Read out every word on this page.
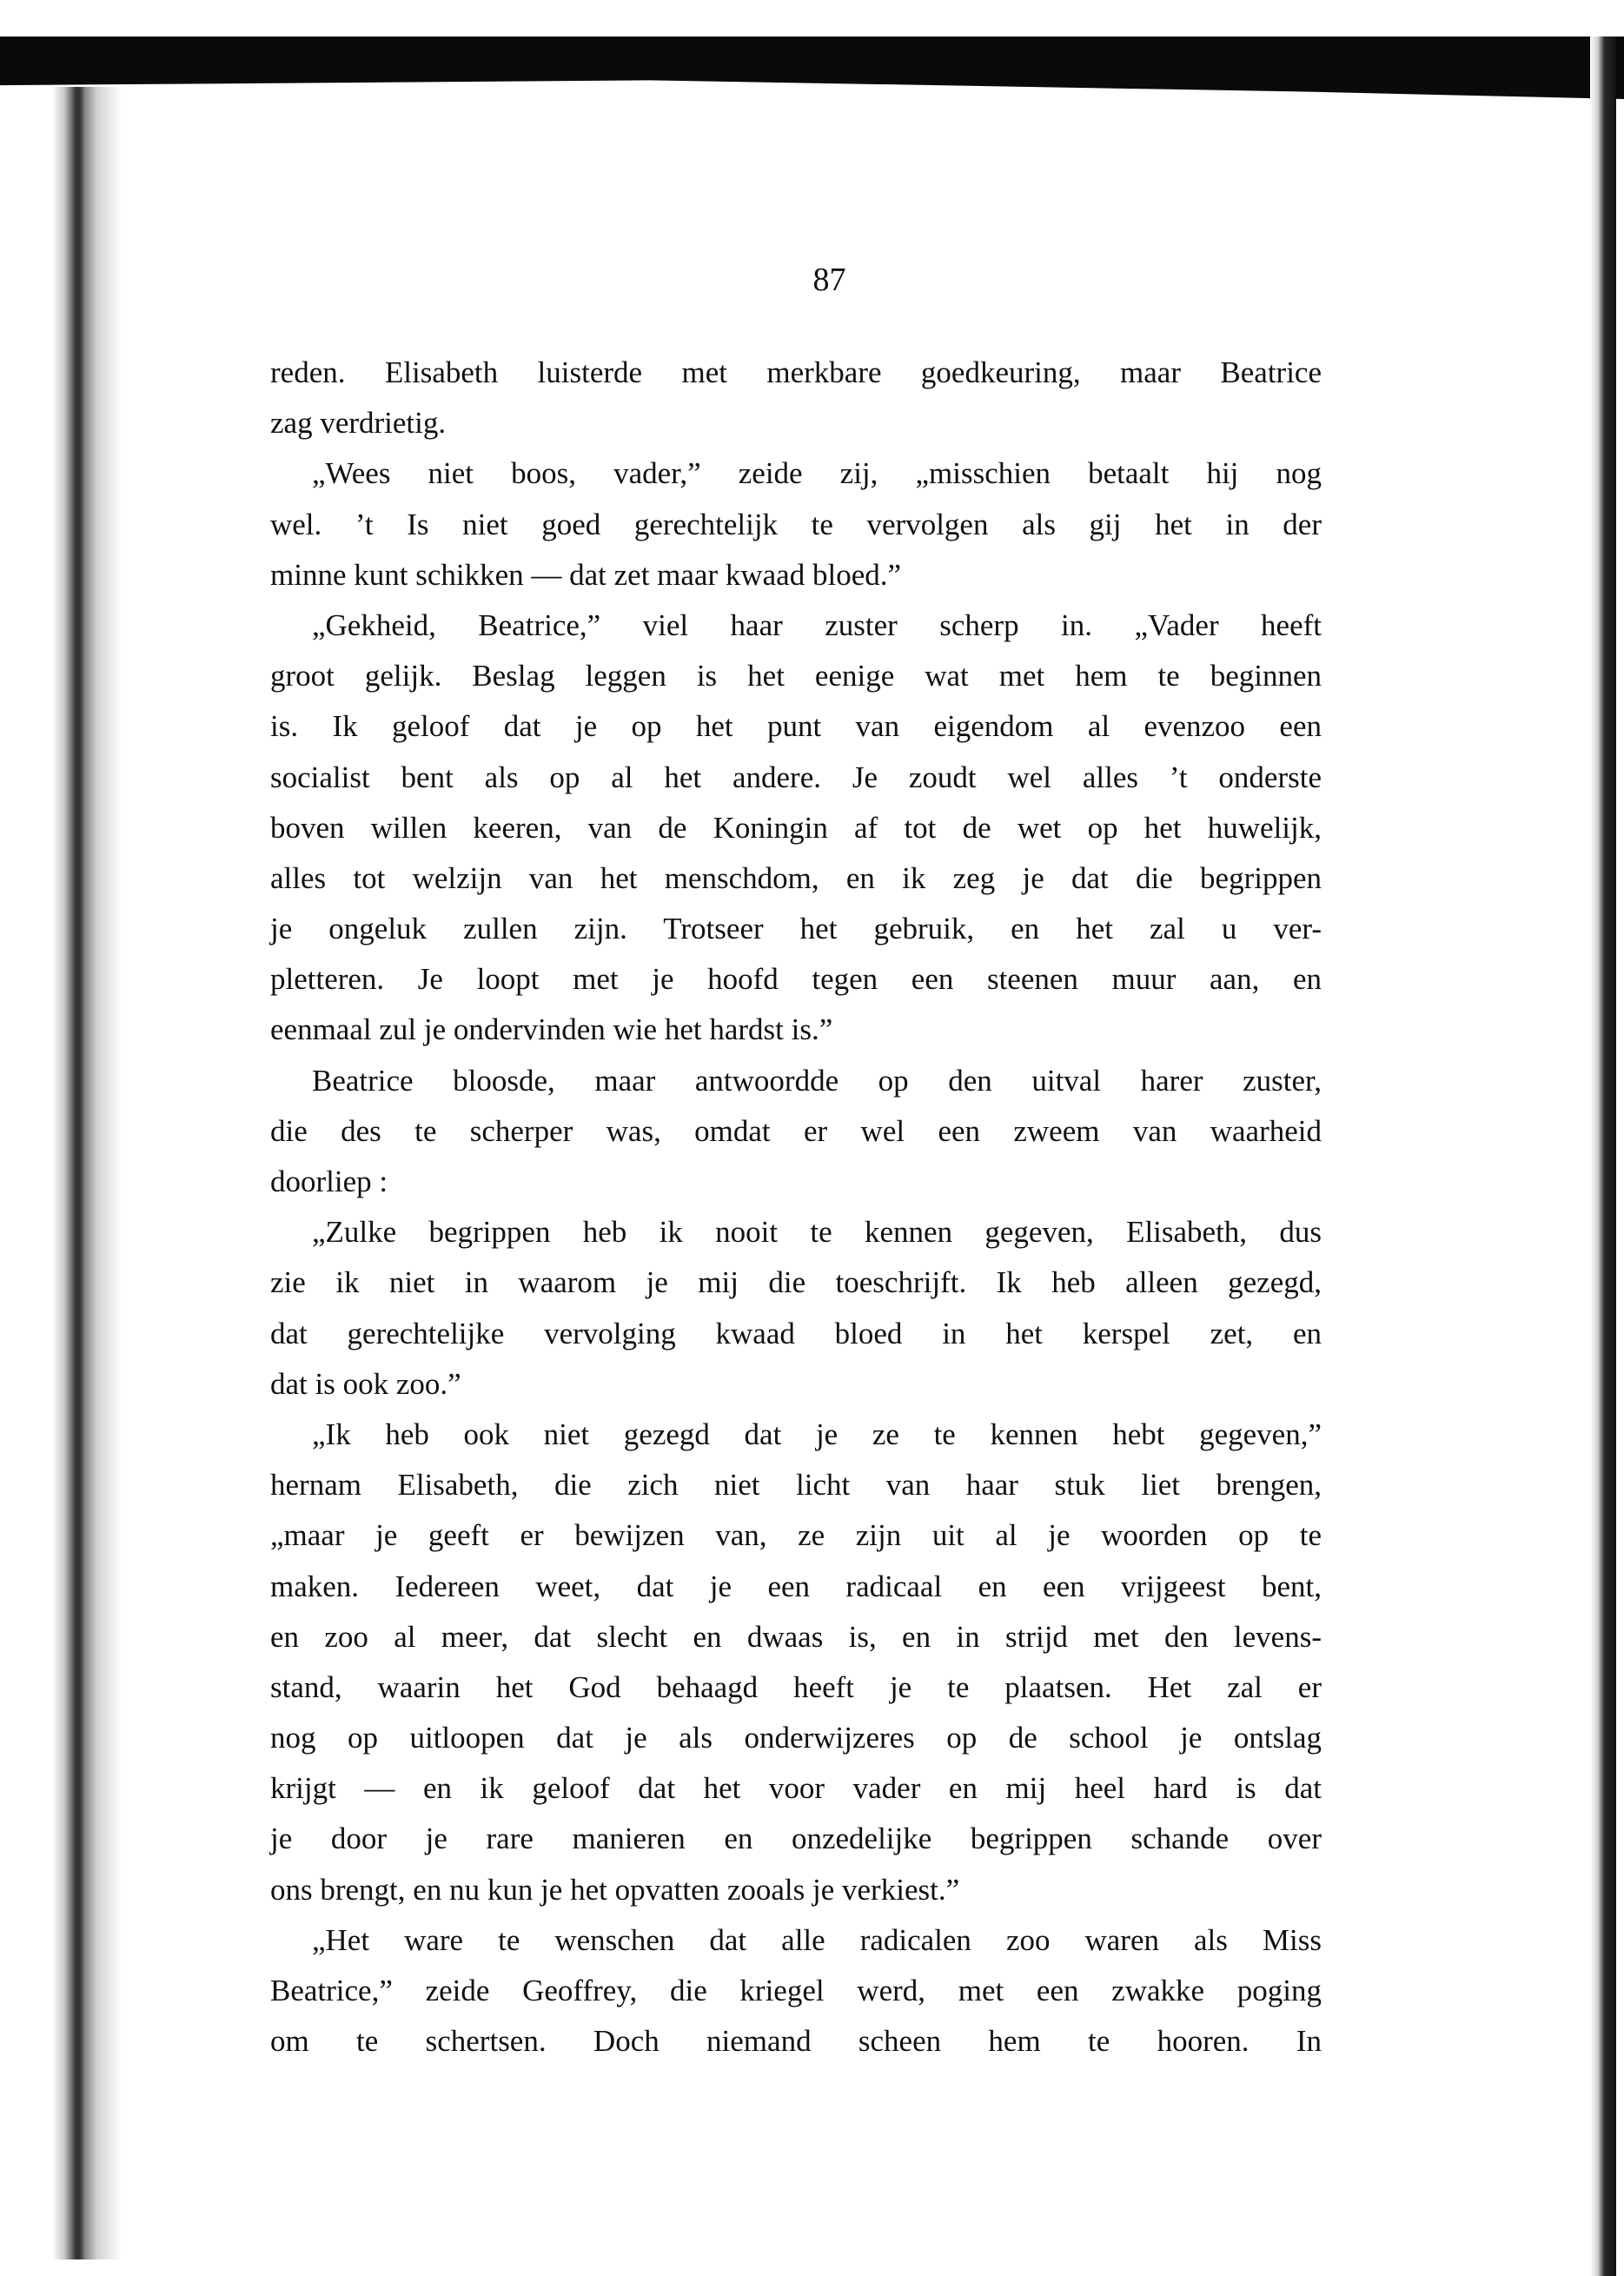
87
reden. Elisabeth luisterde met merkbare goedkeuring, maar Beatrice
zag verdrietig.
„Wees niet boos, vader,” zeide zij, „misschien betaalt hij nog
wel. ’t Is niet goed gerechtelijk te vervolgen als gij het in der
minne kunt schikken — dat zet maar kwaad bloed.”
„Gekheid, Beatrice,” viel haar zuster scherp in. „Vader heeft
groot gelijk. Beslag leggen is het eenige wat met hem te beginnen
is. Ik geloof dat je op het punt van eigendom al evenzoo een
socialist bent als op al het andere. Je zoudt wel alles ’t onderste
boven willen keeren, van de Koningin af tot de wet op het huwelijk,
alles tot welzijn van het menschdom, en ik zeg je dat die begrippen
je ongeluk zullen zijn. Trotseer het gebruik, en het zal u ver-
pletteren. Je loopt met je hoofd tegen een steenen muur aan, en
eenmaal zul je ondervinden wie het hardst is.”
Beatrice bloosde, maar antwoordde op den uitval harer zuster,
die des te scherper was, omdat er wel een zweem van waarheid
doorliep :
„Zulke begrippen heb ik nooit te kennen gegeven, Elisabeth, dus
zie ik niet in waarom je mij die toeschrijft. Ik heb alleen gezegd,
dat gerechtelijke vervolging kwaad bloed in het kerspel zet, en
dat is ook zoo.”
„Ik heb ook niet gezegd dat je ze te kennen hebt gegeven,”
hernam Elisabeth, die zich niet licht van haar stuk liet brengen,
„maar je geeft er bewijzen van, ze zijn uit al je woorden op te
maken. Iedereen weet, dat je een radicaal en een vrijgeest bent,
en zoo al meer, dat slecht en dwaas is, en in strijd met den levens-
stand, waarin het God behaagd heeft je te plaatsen. Het zal er
nog op uitloopen dat je als onderwijzeres op de school je ontslag
krijgt — en ik geloof dat het voor vader en mij heel hard is dat
je door je rare manieren en onzedelijke begrippen schande over
ons brengt, en nu kun je het opvatten zooals je verkiest.”
„Het ware te wenschen dat alle radicalen zoo waren als Miss
Beatrice,” zeide Geoffrey, die kriegel werd, met een zwakke poging
om te schertsen. Doch niemand scheen hem te hooren. In
